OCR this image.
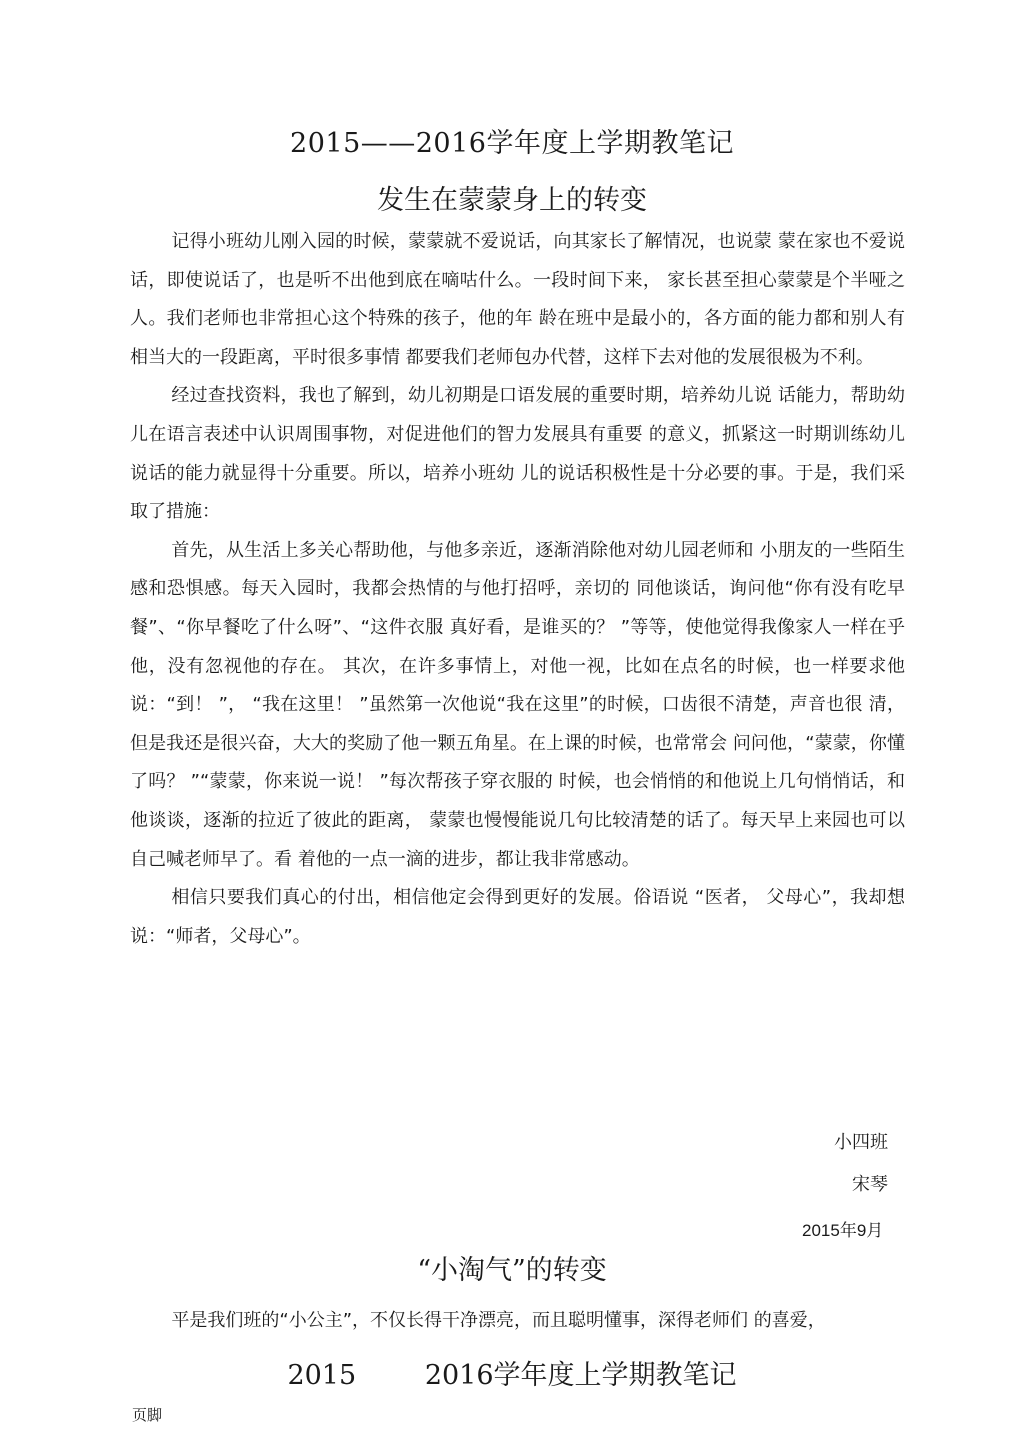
2015——2016学年度上学期教笔记
发生在蒙蒙身上的转变

记得小班幼儿刚入园的时候，蒙蒙就不爱说话，向其家长了解情况，也说蒙 蒙在家也不爱说话，即使说话了，也是听不出他到底在嘀咕什么。一段时间下来， 家长甚至担心蒙蒙是个半哑之人。我们老师也非常担心这个特殊的孩子，他的年 龄在班中是最小的，各方面的能力都和别人有相当大的一段距离，平时很多事情 都要我们老师包办代替，这样下去对他的发展很极为不利。

经过查找资料，我也了解到，幼儿初期是口语发展的重要时期，培养幼儿说 话能力，帮助幼儿在语言表述中认识周围事物，对促进他们的智力发展具有重要 的意义，抓紧这一时期训练幼儿说话的能力就显得十分重要。所以，培养小班幼 儿的说话积极性是十分必要的事。于是，我们采取了措施：

首先，从生活上多关心帮助他，与他多亲近，逐渐消除他对幼儿园老师和 小朋友的一些陌生感和恐惧感。每天入园时，我都会热情的与他打招呼，亲切的 同他谈话，询问他“你有没有吃早餐”、“你早餐吃了什么呀”、“这件衣服 真好看，是谁买的？ ”等等，使他觉得我像家人一样在乎他，没有忽视他的存在。 其次，在许多事情上，对他一视，比如在点名的时候，也一样要求他说：“到！ ”， “我在这里！ ”虽然第一次他说“我在这里”的时候，口齿很不清楚，声音也很 清，但是我还是很兴奋，大大的奖励了他一颗五角星。在上课的时候，也常常会 问问他，“蒙蒙，你懂了吗？ ”“蒙蒙，你来说一说！ ”每次帮孩子穿衣服的 时候，也会悄悄的和他说上几句悄悄话，和他谈谈，逐渐的拉近了彼此的距离， 蒙蒙也慢慢能说几句比较清楚的话了。每天早上来园也可以自己喊老师早了。看 着他的一点一滴的进步，都让我非常感动。

相信只要我们真心的付出，相信他定会得到更好的发展。俗语说 “医者， 父母心”，我却想说：“师者，父母心”。

小四班
宋琴
2015年9月
“小淘气”的转变
平是我们班的“小公主”，不仅长得干净漂亮，而且聪明懂事，深得老师们 的喜爱，
2015        2016学年度上学期教笔记
页脚
